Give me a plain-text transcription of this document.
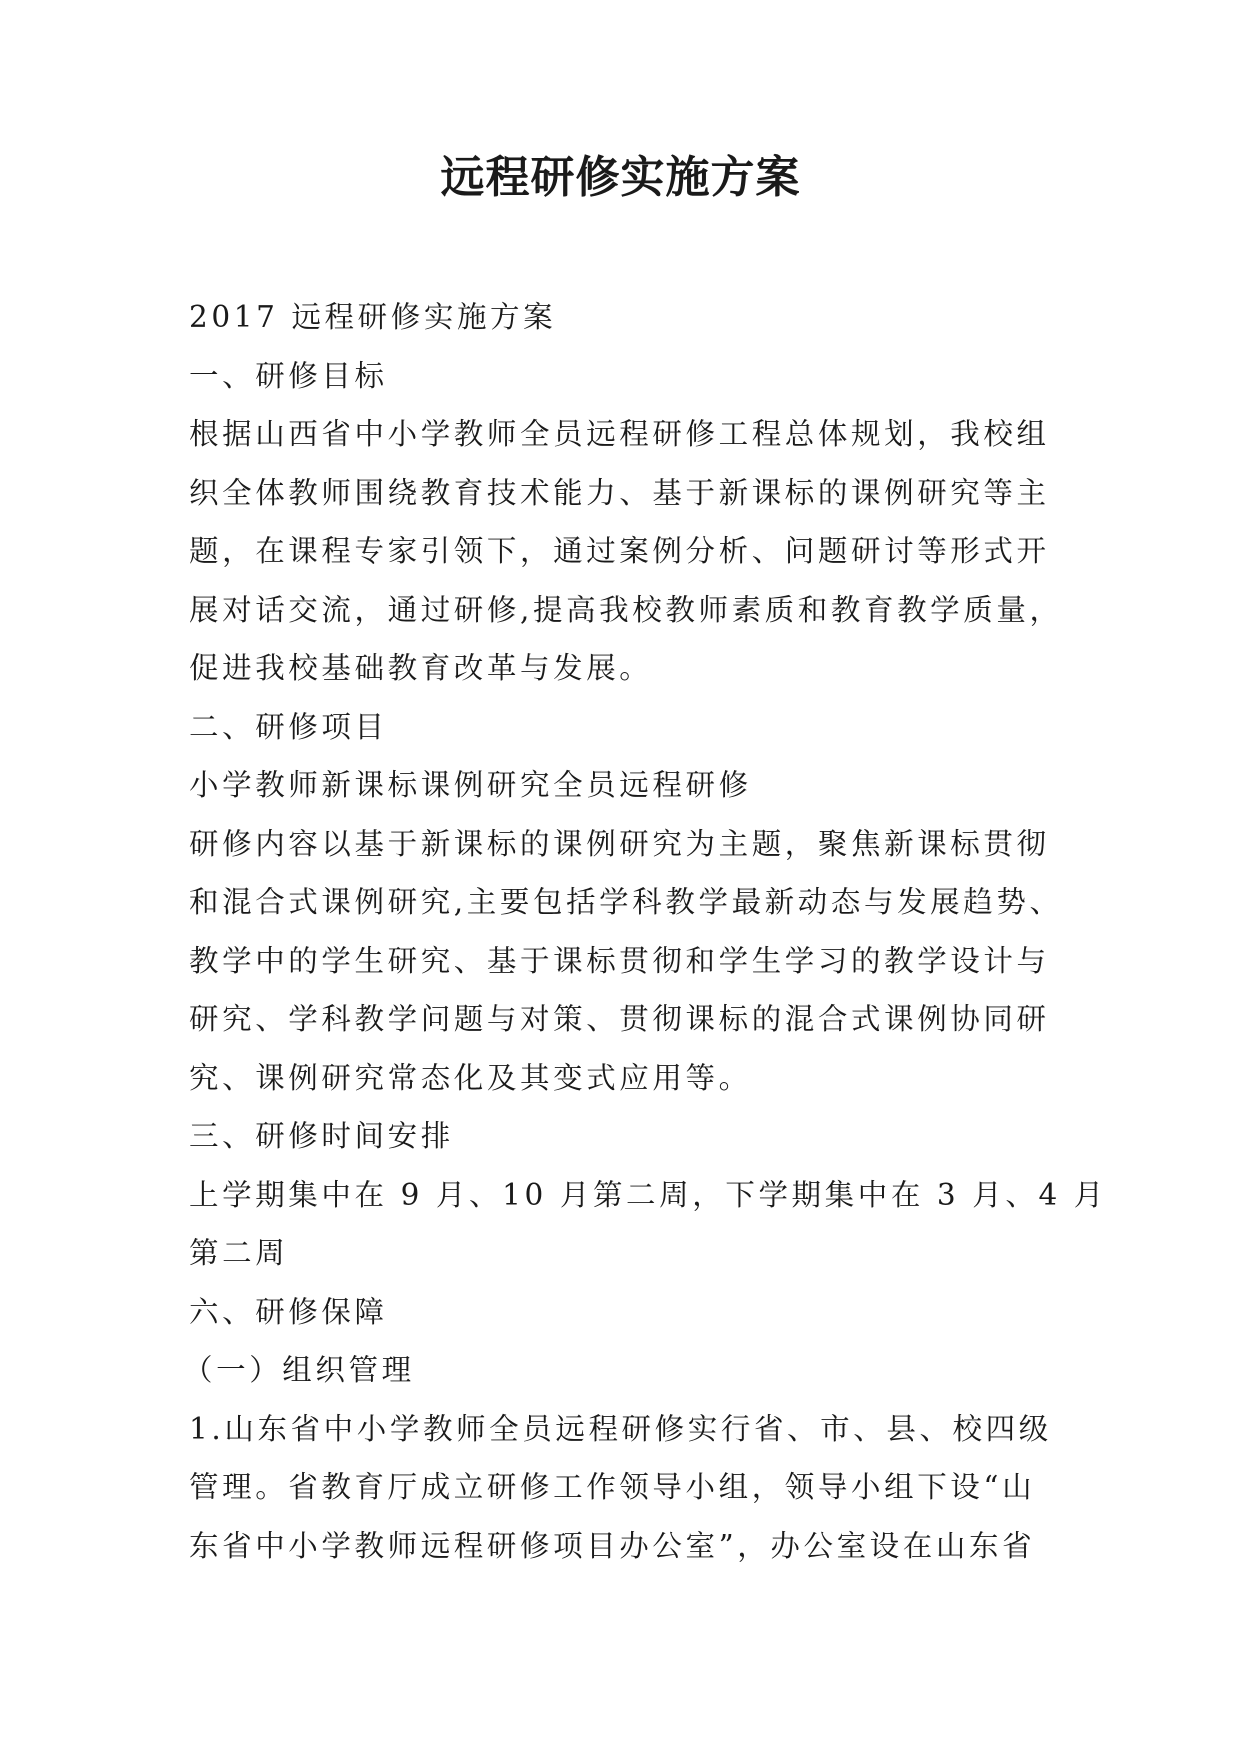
远程研修实施方案

2017 远程研修实施方案

一、研修目标

根据山西省中小学教师全员远程研修工程总体规划，我校组

织全体教师围绕教育技术能力、基于新课标的课例研究等主

题，在课程专家引领下，通过案例分析、问题研讨等形式开

展对话交流，通过研修,提高我校教师素质和教育教学质量，

促进我校基础教育改革与发展。

二、研修项目

小学教师新课标课例研究全员远程研修

研修内容以基于新课标的课例研究为主题，聚焦新课标贯彻

和混合式课例研究,主要包括学科教学最新动态与发展趋势、

教学中的学生研究、基于课标贯彻和学生学习的教学设计与

研究、学科教学问题与对策、贯彻课标的混合式课例协同研

究、课例研究常态化及其变式应用等。

三、研修时间安排

上学期集中在 9 月、10 月第二周，下学期集中在 3 月、4 月

第二周

六、研修保障

（一）组织管理

1.山东省中小学教师全员远程研修实行省、市、县、校四级

管理。省教育厅成立研修工作领导小组，领导小组下设“山

东省中小学教师远程研修项目办公室”，办公室设在山东省
